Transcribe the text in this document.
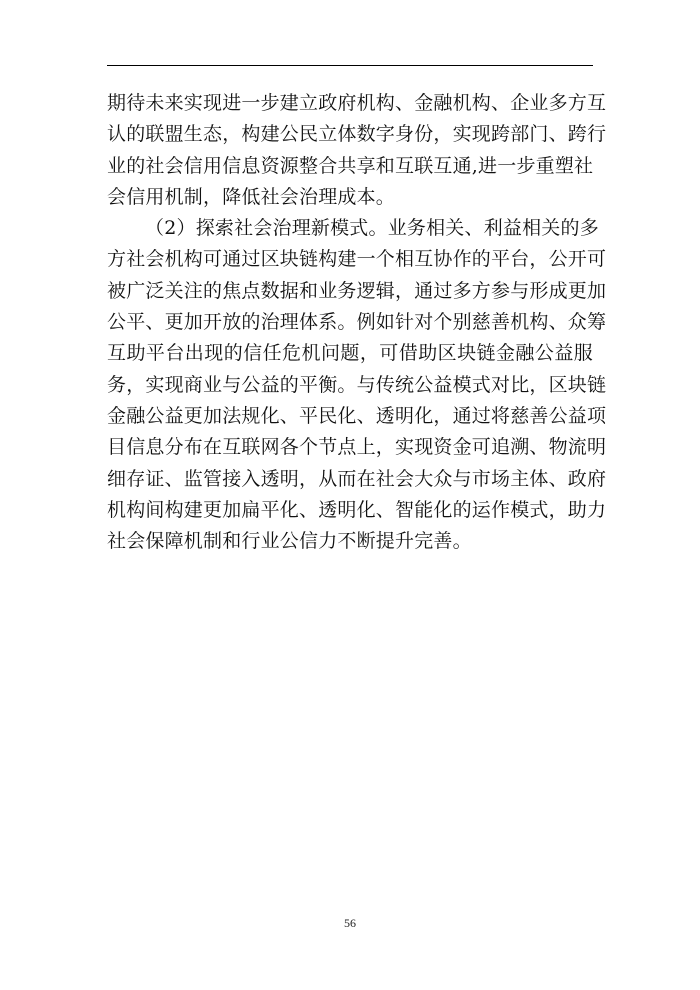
期待未来实现进一步建立政府机构、金融机构、企业多方互
认的联盟生态，构建公民立体数字身份，实现跨部门、跨行
业的社会信用信息资源整合共享和互联互通,进一步重塑社
会信用机制，降低社会治理成本。
（2）探索社会治理新模式。业务相关、利益相关的多
方社会机构可通过区块链构建一个相互协作的平台，公开可
被广泛关注的焦点数据和业务逻辑，通过多方参与形成更加
公平、更加开放的治理体系。例如针对个别慈善机构、众筹
互助平台出现的信任危机问题，可借助区块链金融公益服
务，实现商业与公益的平衡。与传统公益模式对比，区块链
金融公益更加法规化、平民化、透明化，通过将慈善公益项
目信息分布在互联网各个节点上，实现资金可追溯、物流明
细存证、监管接入透明，从而在社会大众与市场主体、政府
机构间构建更加扁平化、透明化、智能化的运作模式，助力
社会保障机制和行业公信力不断提升完善。
56
